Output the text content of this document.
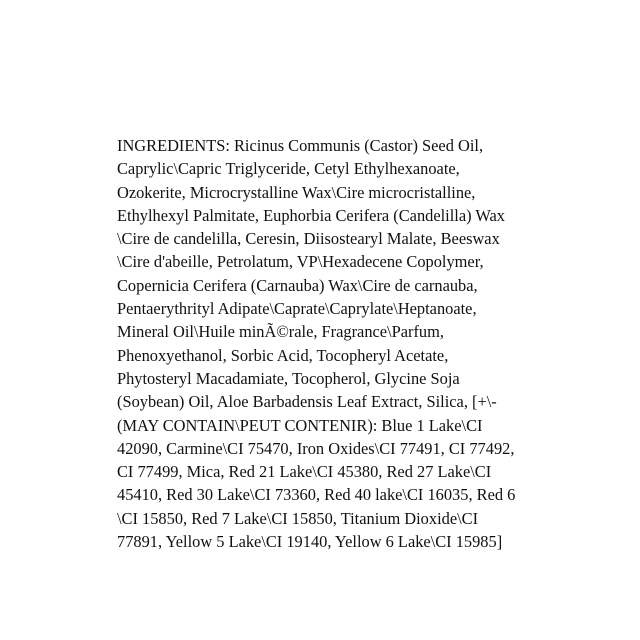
INGREDIENTS: Ricinus Communis (Castor) Seed Oil,
Caprylic\Capric Triglyceride, Cetyl Ethylhexanoate,
Ozokerite, Microcrystalline Wax\Cire microcristalline,
Ethylhexyl Palmitate, Euphorbia Cerifera (Candelilla) Wax
\Cire de candelilla, Ceresin, Diisostearyl Malate, Beeswax
\Cire d'abeille, Petrolatum, VP\Hexadecene Copolymer,
Copernicia Cerifera (Carnauba) Wax\Cire de carnauba,
Pentaerythrityl Adipate\Caprate\Caprylate\Heptanoate,
Mineral Oil\Huile minÃ©rale, Fragrance\Parfum,
Phenoxyethanol, Sorbic Acid, Tocopheryl Acetate,
Phytosteryl Macadamiate, Tocopherol, Glycine Soja
(Soybean) Oil, Aloe Barbadensis Leaf Extract, Silica, [+\-
(MAY CONTAIN\PEUT CONTENIR): Blue 1 Lake\CI
42090, Carmine\CI 75470, Iron Oxides\CI 77491, CI 77492,
CI 77499, Mica, Red 21 Lake\CI 45380, Red 27 Lake\CI
45410, Red 30 Lake\CI 73360, Red 40 lake\CI 16035, Red 6
\CI 15850, Red 7 Lake\CI 15850, Titanium Dioxide\CI
77891, Yellow 5 Lake\CI 19140, Yellow 6 Lake\CI 15985]
